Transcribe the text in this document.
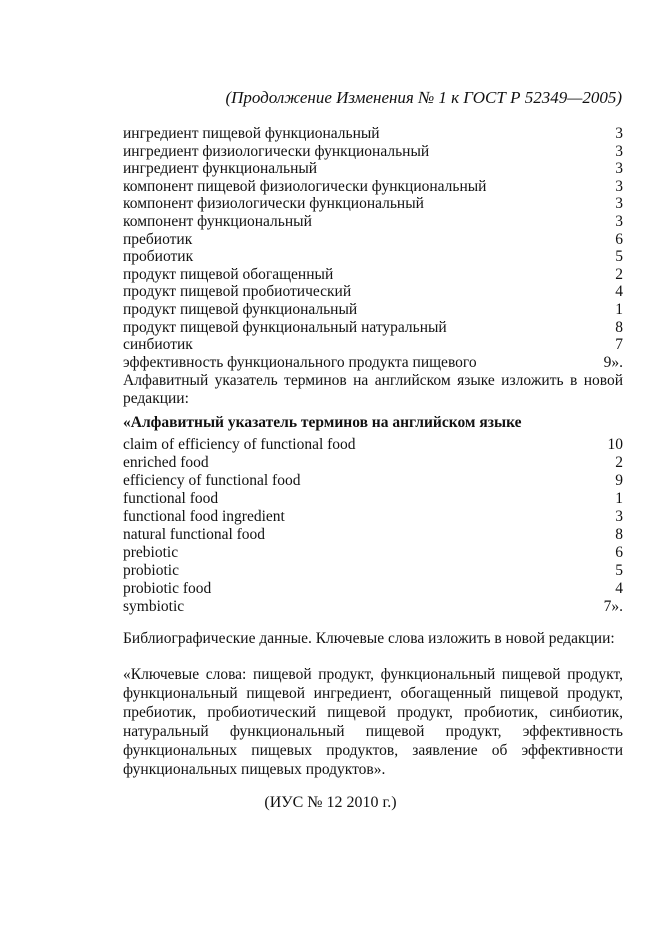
(Продолжение Изменения № 1 к ГОСТ Р 52349—2005)
ингредиент пищевой функциональный	3
ингредиент физиологически функциональный	3
ингредиент функциональный	3
компонент пищевой физиологически функциональный	3
компонент физиологически функциональный	3
компонент функциональный	3
пребиотик	6
пробиотик	5
продукт пищевой обогащенный	2
продукт пищевой пробиотический	4
продукт пищевой функциональный	1
продукт пищевой функциональный натуральный	8
синбиотик	7
эффективность функционального продукта пищевого	9».
Алфавитный указатель терминов на английском языке изложить в новой редакции:
«Алфавитный указатель терминов на английском языке
claim of efficiency of functional food	10
enriched food	2
efficiency of functional food	9
functional food	1
functional food ingredient	3
natural functional food	8
prebiotic	6
probiotic	5
probiotic food	4
symbiotic	7».
Библиографические данные. Ключевые слова изложить в новой редакции:
«Ключевые слова: пищевой продукт, функциональный пищевой продукт, функциональный пищевой ингредиент, обогащенный пищевой продукт, пребиотик, пробиотический пищевой продукт, пробиотик, синбиотик, натуральный функциональный пищевой продукт, эффективность функциональных пищевых продуктов, заявление об эффективности функциональных пищевых продуктов».
(ИУС № 12 2010 г.)
